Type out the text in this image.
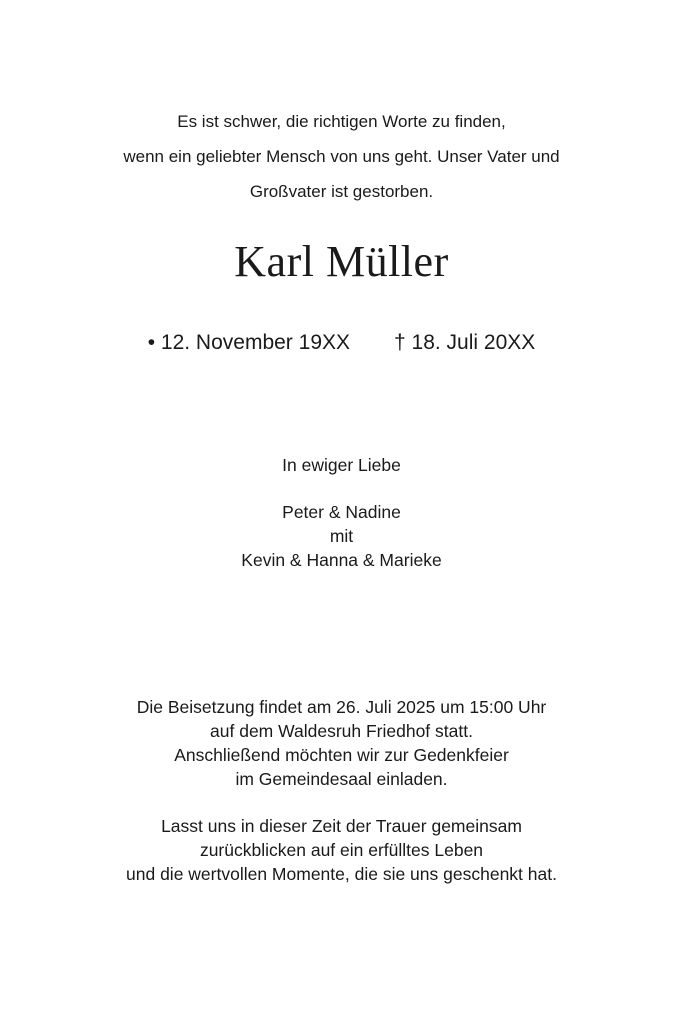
Es ist schwer, die richtigen Worte zu finden,
wenn ein geliebter Mensch von uns geht. Unser Vater und
Großvater ist gestorben.
Karl Müller
• 12. November 19XX † 18. Juli 20XX
In ewiger Liebe
Peter & Nadine
mit
Kevin & Hanna & Marieke
Die Beisetzung findet am 26. Juli 2025 um 15:00 Uhr
auf dem Waldesruh Friedhof statt.
Anschließend möchten wir zur Gedenkfeier
im Gemeindesaal einladen.
Lasst uns in dieser Zeit der Trauer gemeinsam
zurückblicken auf ein erfülltes Leben
und die wertvollen Momente, die sie uns geschenkt hat.
